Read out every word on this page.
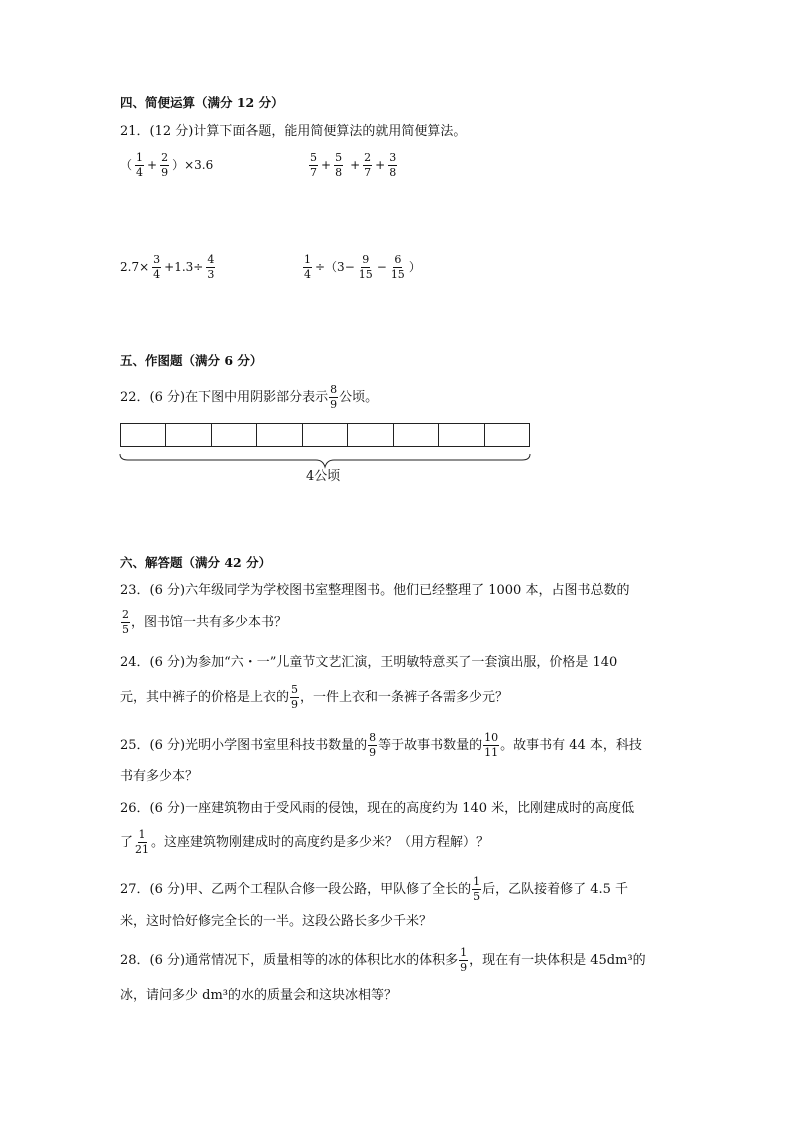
四、简便运算（满分 12 分）
21．(12 分)计算下面各题，能用简便算法的就用简便算法。
（ $\frac{1}{4} + \frac{2}{9} )\times 3.6$	$\frac{5}{7} + \frac{5}{8} + \frac{2}{7} + \frac{3}{8}$
$2.7\times \frac{3}{4} +1.3\div \frac{4}{3}$	$\frac{1}{4} \div(3- \frac{9}{15} - \frac{6}{15}$ ）
五、作图题（满分 6 分）
22．(6 分)在下图中用阴影部分表示 $\frac{8}{9}$ 公顷。
4公顷
六、解答题（满分 42 分）
23．(6 分)六年级同学为学校图书室整理图书。他们已经整理了 1000 本，占图书总数的
$\frac{2}{5}$ ，图书馆一共有多少本书？
24．(6 分)为参加“六・一”儿童节文艺汇演，王明敏特意买了一套演出服，价格是 140
元，其中裤子的价格是上衣的 $\frac{5}{9}$ ，一件上衣和一条裤子各需多少元？
25．(6 分)光明小学图书室里科技书数量的 $\frac{8}{9}$ 等于故事书数量的 $\frac{10}{11}$ 。故事书有 44 本，科技
书有多少本？
26．(6 分)一座建筑物由于受风雨的侵蚀，现在的高度约为 140 米，比刚建成时的高度低
了 $\frac{1}{21}$ 。这座建筑物刚建成时的高度约是多少米？（用方程解）？
27．(6 分)甲、乙两个工程队合修一段公路，甲队修了全长的 $\frac{1}{5}$ 后，乙队接着修了 4.5 千
米，这时恰好修完全长的一半。这段公路长多少千米？
28．(6 分)通常情况下，质量相等的冰的体积比水的体积多 $\frac{1}{9}$ ，现在有一块体积是 45dm³的
冰，请问多少 dm³的水的质量会和这块冰相等？
